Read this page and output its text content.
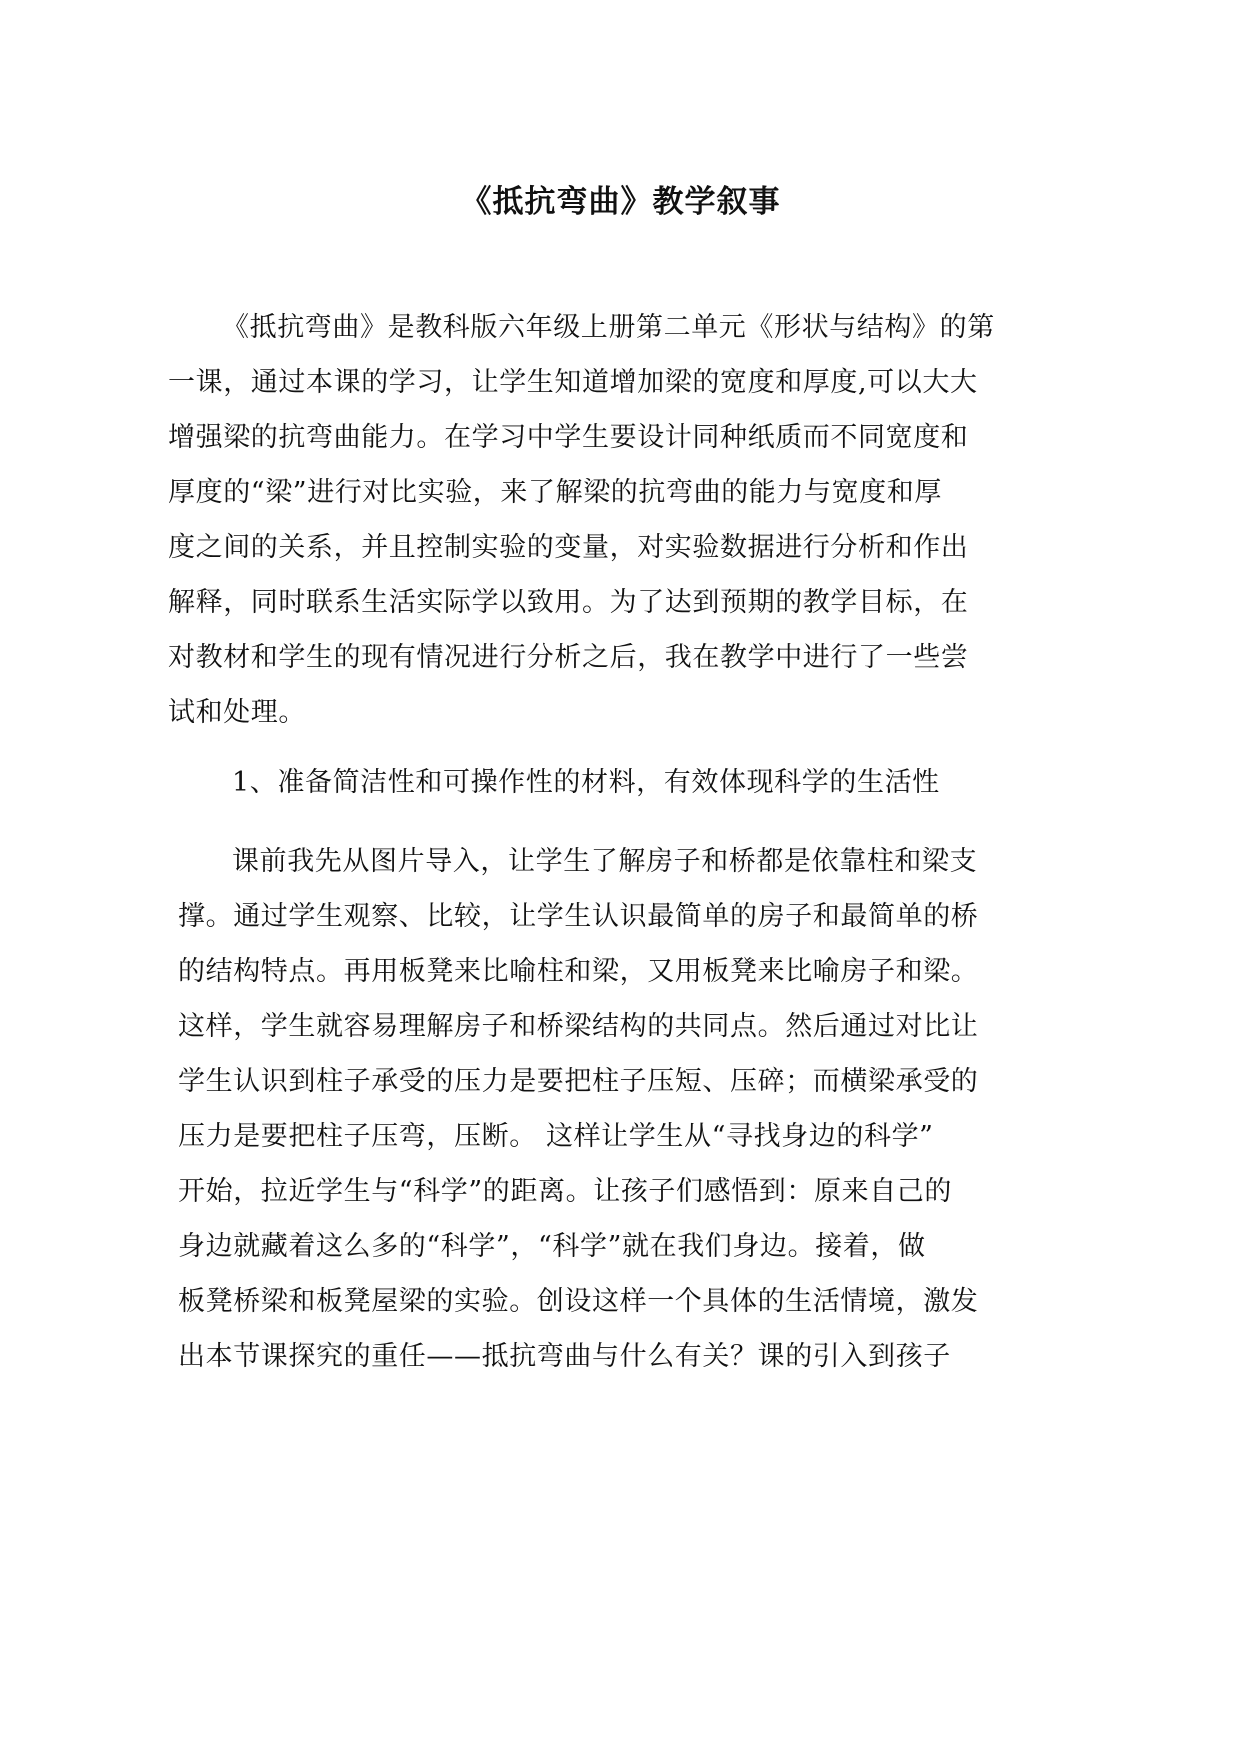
《抵抗弯曲》教学叙事

《抵抗弯曲》是教科版六年级上册第二单元《形状与结构》的第

一课，通过本课的学习，让学生知道增加梁的宽度和厚度,可以大大

增强梁的抗弯曲能力。在学习中学生要设计同种纸质而不同宽度和

厚度的“梁”进行对比实验，来了解梁的抗弯曲的能力与宽度和厚

度之间的关系，并且控制实验的变量，对实验数据进行分析和作出

解释，同时联系生活实际学以致用。为了达到预期的教学目标，在

对教材和学生的现有情况进行分析之后，我在教学中进行了一些尝

试和处理。

1、准备简洁性和可操作性的材料，有效体现科学的生活性

课前我先从图片导入，让学生了解房子和桥都是依靠柱和梁支

撑。通过学生观察、比较，让学生认识最简单的房子和最简单的桥

的结构特点。再用板凳来比喻柱和梁，又用板凳来比喻房子和梁。

这样，学生就容易理解房子和桥梁结构的共同点。然后通过对比让

学生认识到柱子承受的压力是要把柱子压短、压碎；而横梁承受的

压力是要把柱子压弯，压断。 这样让学生从“寻找身边的科学”

开始，拉近学生与“科学”的距离。让孩子们感悟到：原来自己的

身边就藏着这么多的“科学”，“科学”就在我们身边。接着，做

板凳桥梁和板凳屋梁的实验。创设这样一个具体的生活情境，激发

出本节课探究的重任——抵抗弯曲与什么有关？课的引入到孩子
